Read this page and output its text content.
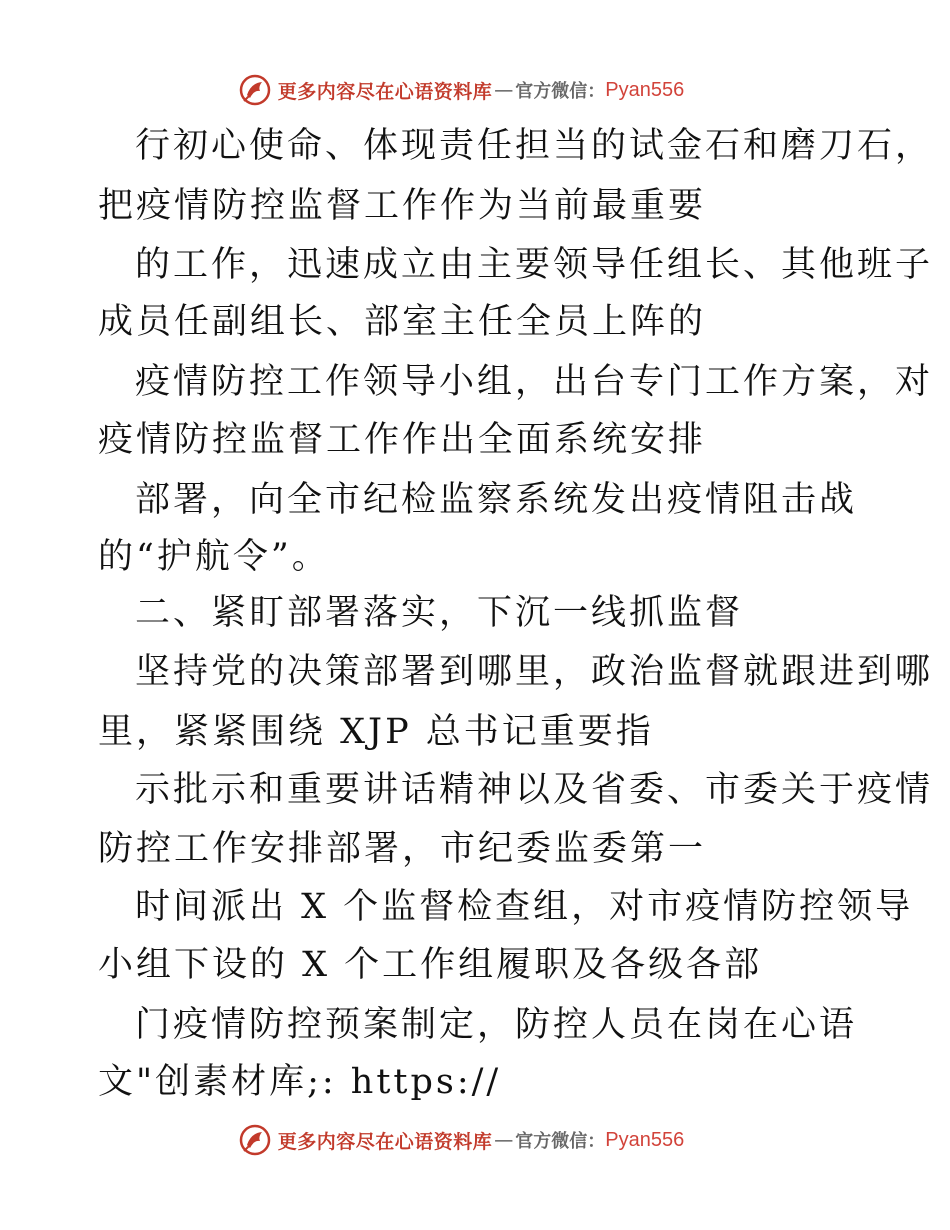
更多内容尽在心语资料库 — 官方微信： Pyan556
行初心使命、体现责任担当的试金石和磨刀石，
把疫情防控监督工作作为当前最重要
的工作，迅速成立由主要领导任组长、其他班子
成员任副组长、部室主任全员上阵的
疫情防控工作领导小组，出台专门工作方案，对
疫情防控监督工作作出全面系统安排
部署，向全市纪检监察系统发出疫情阻击战
的“护航令”。
二、紧盯部署落实，下沉一线抓监督
坚持党的决策部署到哪里，政治监督就跟进到哪
里，紧紧围绕 XJP 总书记重要指
示批示和重要讲话精神以及省委、市委关于疫情
防控工作安排部署，市纪委监委第一
时间派出 X 个监督检查组，对市疫情防控领导
小组下设的 X 个工作组履职及各级各部
门疫情防控预案制定，防控人员在岗在心语
文"创素材库;: https://
更多内容尽在心语资料库 — 官方微信： Pyan556
